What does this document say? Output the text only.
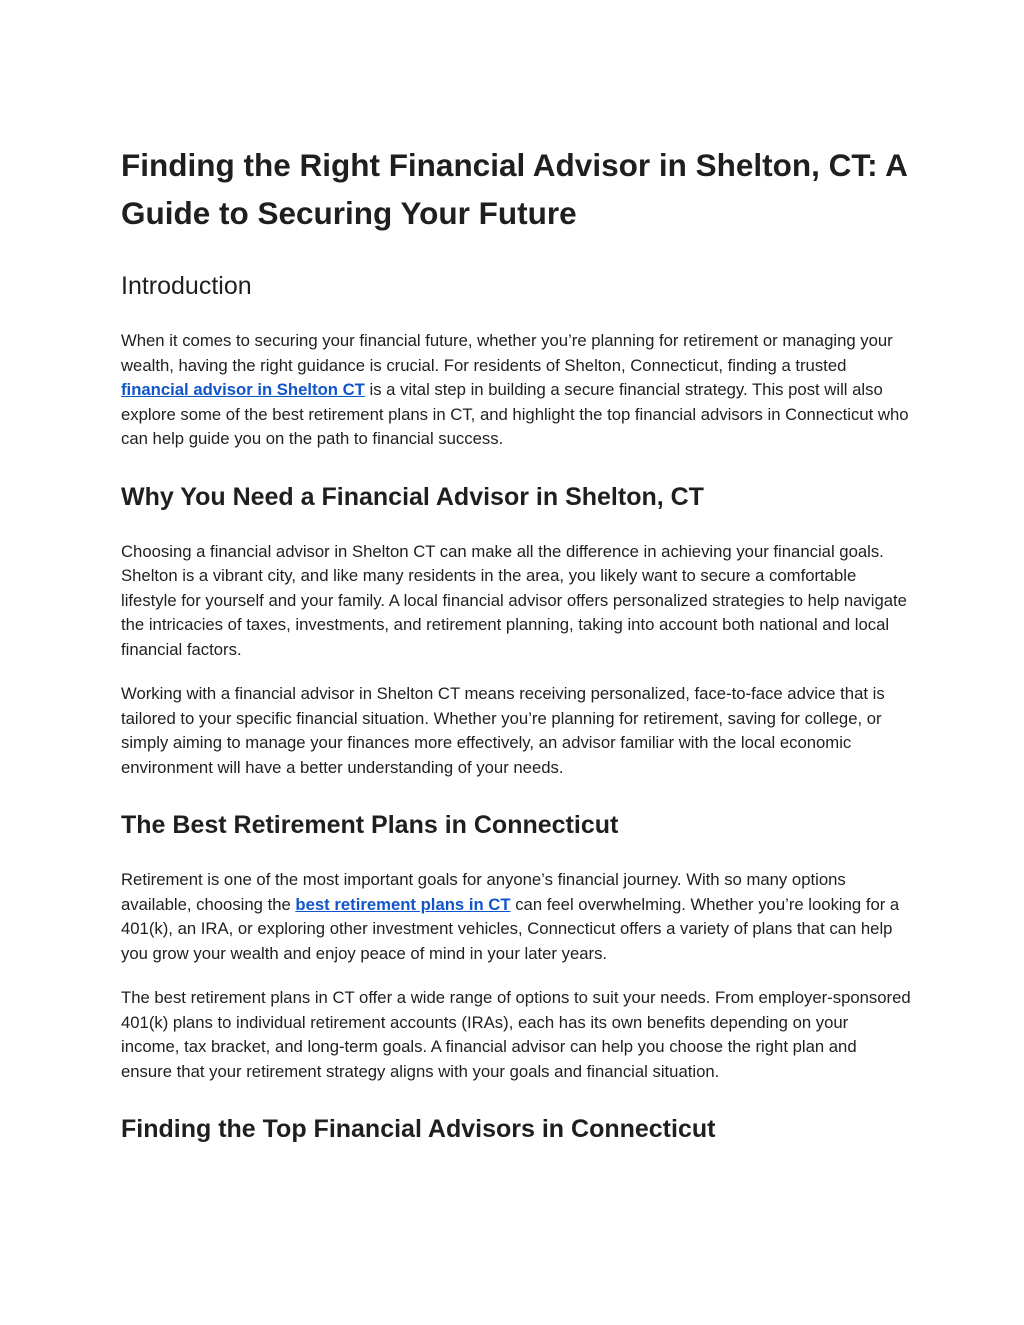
Finding the Right Financial Advisor in Shelton, CT: A Guide to Securing Your Future
Introduction

When it comes to securing your financial future, whether you’re planning for retirement or managing your wealth, having the right guidance is crucial. For residents of Shelton, Connecticut, finding a trusted financial advisor in Shelton CT is a vital step in building a secure financial strategy. This post will also explore some of the best retirement plans in CT, and highlight the top financial advisors in Connecticut who can help guide you on the path to financial success.

Why You Need a Financial Advisor in Shelton, CT

Choosing a financial advisor in Shelton CT can make all the difference in achieving your financial goals. Shelton is a vibrant city, and like many residents in the area, you likely want to secure a comfortable lifestyle for yourself and your family. A local financial advisor offers personalized strategies to help navigate the intricacies of taxes, investments, and retirement planning, taking into account both national and local financial factors.

Working with a financial advisor in Shelton CT means receiving personalized, face-to-face advice that is tailored to your specific financial situation. Whether you’re planning for retirement, saving for college, or simply aiming to manage your finances more effectively, an advisor familiar with the local economic environment will have a better understanding of your needs.

The Best Retirement Plans in Connecticut

Retirement is one of the most important goals for anyone’s financial journey. With so many options available, choosing the best retirement plans in CT can feel overwhelming. Whether you’re looking for a 401(k), an IRA, or exploring other investment vehicles, Connecticut offers a variety of plans that can help you grow your wealth and enjoy peace of mind in your later years.

The best retirement plans in CT offer a wide range of options to suit your needs. From employer-sponsored 401(k) plans to individual retirement accounts (IRAs), each has its own benefits depending on your income, tax bracket, and long-term goals. A financial advisor can help you choose the right plan and ensure that your retirement strategy aligns with your goals and financial situation.

Finding the Top Financial Advisors in Connecticut
